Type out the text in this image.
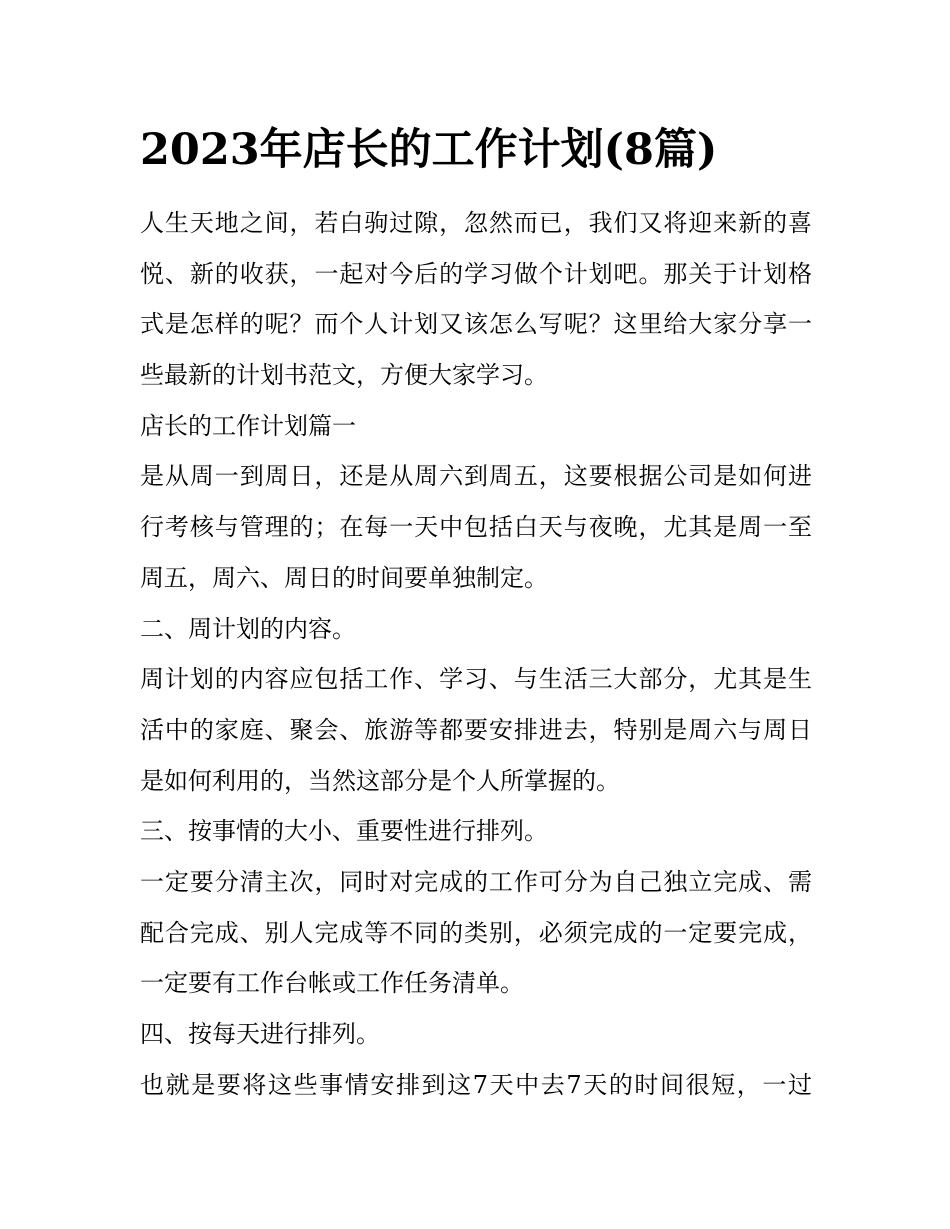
2023年店长的工作计划(8篇)
人生天地之间，若白驹过隙，忽然而已，我们又将迎来新的喜
悦、新的收获，一起对今后的学习做个计划吧。那关于计划格
式是怎样的呢？而个人计划又该怎么写呢？这里给大家分享一
些最新的计划书范文，方便大家学习。
店长的工作计划篇一
是从周一到周日，还是从周六到周五，这要根据公司是如何进
行考核与管理的；在每一天中包括白天与夜晚，尤其是周一至
周五，周六、周日的时间要单独制定。
二、周计划的内容。
周计划的内容应包括工作、学习、与生活三大部分，尤其是生
活中的家庭、聚会、旅游等都要安排进去，特别是周六与周日
是如何利用的，当然这部分是个人所掌握的。
三、按事情的大小、重要性进行排列。
一定要分清主次，同时对完成的工作可分为自己独立完成、需
配合完成、别人完成等不同的类别，必须完成的一定要完成，
一定要有工作台帐或工作任务清单。
四、按每天进行排列。
也就是要将这些事情安排到这7天中去7天的时间很短，一过
